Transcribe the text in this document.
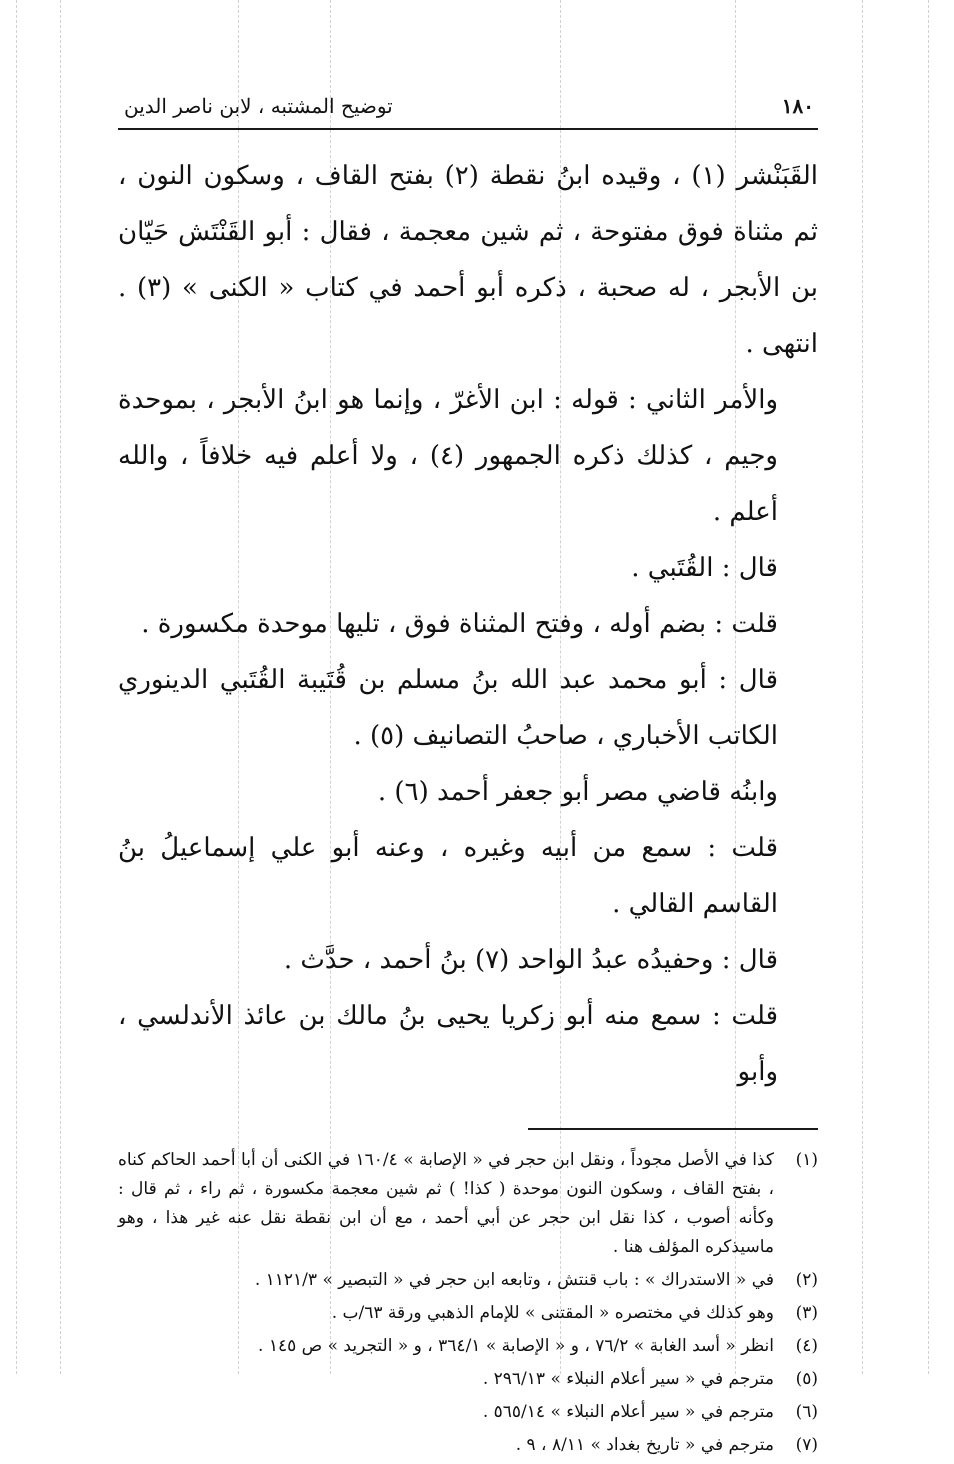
١٨٠
توضيح المشتبه ، لابن ناصر الدين

القَبَنْشر (١) ، وقيده ابنُ نقطة (٢) بفتح القاف ، وسكون النون ، ثم مثناة فوق مفتوحة ، ثم شين معجمة ، فقال : أبو القَنْتَش حَيّان بن الأبجر ، له صحبة ، ذكره أبو أحمد في كتاب « الكنى » (٣) . انتهى .

والأمر الثاني : قوله : ابن الأغرّ ، وإنما هو ابنُ الأبجر ، بموحدة وجيم ، كذلك ذكره الجمهور (٤) ، ولا أعلم فيه خلافاً ، والله أعلم .

قال : القُتَبي .

قلت : بضم أوله ، وفتح المثناة فوق ، تليها موحدة مكسورة .

قال : أبو محمد عبد الله بنُ مسلم بن قُتَيبة القُتَبي الدينوري الكاتب الأخباري ، صاحبُ التصانيف (٥) .

وابنُه قاضي مصر أبو جعفر أحمد (٦) .

قلت : سمع من أبيه وغيره ، وعنه أبو علي إسماعيلُ بنُ القاسم القالي .

قال : وحفيدُه عبدُ الواحد (٧) بنُ أحمد ، حدَّث .

قلت : سمع منه أبو زكريا يحيى بنُ مالك بن عائذ الأندلسي ، وأبو

(١)
كذا في الأصل مجوداً ، ونقل ابن حجر في « الإصابة » ١٦٠/٤ في الكنى أن أبا أحمد الحاكم كناه ، بفتح القاف ، وسكون النون موحدة ( كذا! ) ثم شين معجمة مكسورة ، ثم راء ، ثم قال : وكأنه أصوب ، كذا نقل ابن حجر عن أبي أحمد ، مع أن ابن نقطة نقل عنه غير هذا ، وهو ماسيذكره المؤلف هنا .
(٢)
في « الاستدراك » : باب قنتش ، وتابعه ابن حجر في « التبصير » ١١٢١/٣ .
(٣)
وهو كذلك في مختصره « المقتنى » للإمام الذهبي ورقة ٦٣/ب .
(٤)
انظر « أسد الغابة » ٧٦/٢ ، و « الإصابة » ٣٦٤/١ ، و « التجريد » ص ١٤٥ .
(٥)
مترجم في « سير أعلام النبلاء » ٢٩٦/١٣ .
(٦)
مترجم في « سير أعلام النبلاء » ٥٦٥/١٤ .
(٧)
مترجم في « تاريخ بغداد » ٨/١١ ، ٩ .
